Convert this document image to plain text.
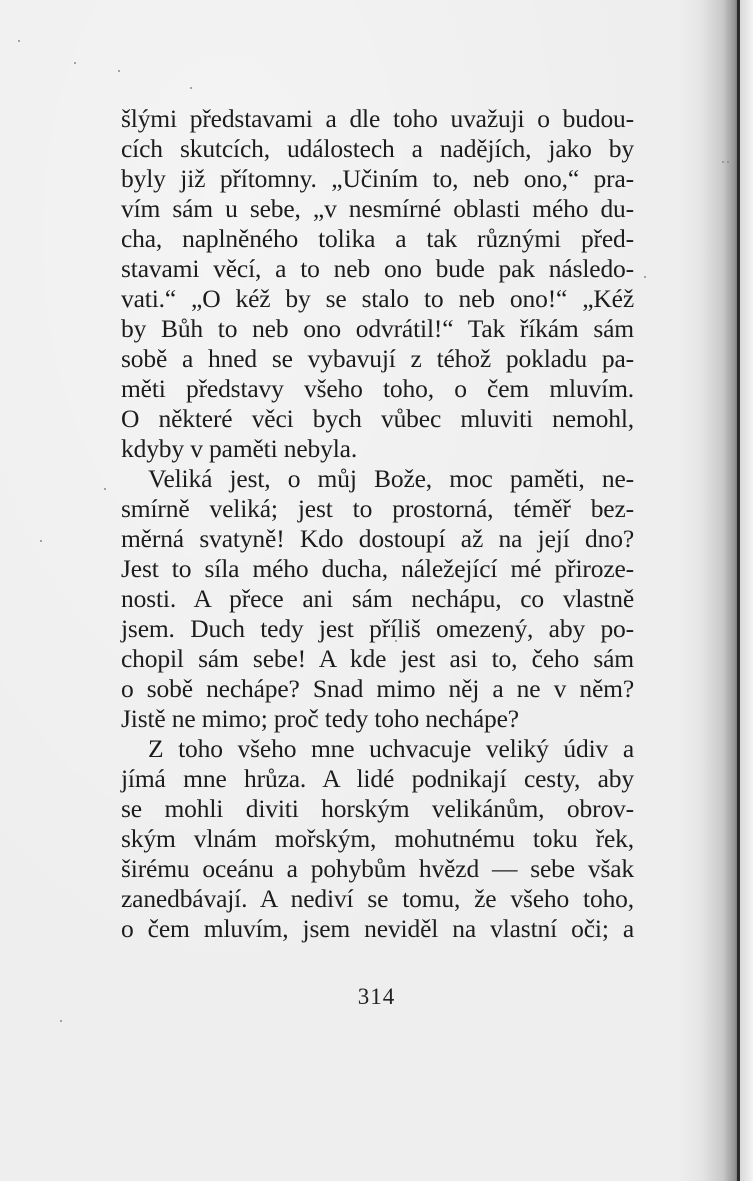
šlými představami a dle toho uvažuji o budou-
cích skutcích, událostech a nadějích, jako by
byly již přítomny. „Učiním to, neb ono,“ pra-
vím sám u sebe, „v nesmírné oblasti mého du-
cha, naplněného tolika a tak různými před-
stavami věcí, a to neb ono bude pak následo-
vati.“ „O kéž by se stalo to neb ono!“ „Kéž
by Bůh to neb ono odvrátil!“ Tak říkám sám
sobě a hned se vybavují z téhož pokladu pa-
měti představy všeho toho, o čem mluvím.
O některé věci bych vůbec mluviti nemohl,
kdyby v paměti nebyla.
Veliká jest, o můj Bože, moc paměti, ne-
smírně veliká; jest to prostorná, téměř bez-
měrná svatyně! Kdo dostoupí až na její dno?
Jest to síla mého ducha, náležející mé přiroze-
nosti. A přece ani sám nechápu, co vlastně
jsem. Duch tedy jest příliš omezený, aby po-
chopil sám sebe! A kde jest asi to, čeho sám
o sobě nechápe? Snad mimo něj a ne v něm?
Jistě ne mimo; proč tedy toho nechápe?
Z toho všeho mne uchvacuje veliký údiv a
jímá mne hrůza. A lidé podnikají cesty, aby
se mohli diviti horským velikánům, obrov-
ským vlnám mořským, mohutnému toku řek,
širému oceánu a pohybům hvězd — sebe však
zanedbávají. A nediví se tomu, že všeho toho,
o čem mluvím, jsem neviděl na vlastní oči; a
314
